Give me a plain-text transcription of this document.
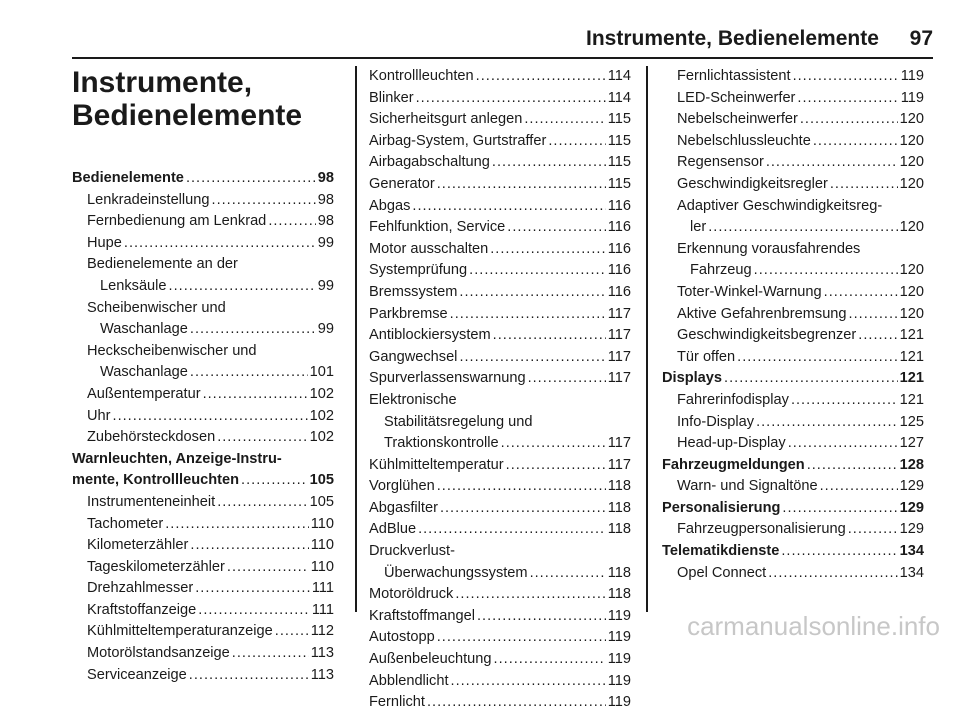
Instrumente, Bedienelemente 97
Instrumente,
Bedienelemente
Bedienelemente .....	98
Lenkradeinstellung .....	98
Fernbedienung am Lenkrad .....	98
Hupe .....	99
Bedienelemente an der
Lenksäule .....	99
Scheibenwischer und
Waschanlage .....	99
Heckscheibenwischer und
Waschanlage .....	101
Außentemperatur .....	102
Uhr .....	102
Zubehörsteckdosen .....	102
Warnleuchten, Anzeige-Instru-
mente, Kontrollleuchten .....	105
Instrumenteneinheit .....	105
Tachometer .....	110
Kilometerzähler .....	110
Tageskilometerzähler .....	110
Drehzahlmesser .....	111
Kraftstoffanzeige .....	111
Kühlmitteltemperaturanzeige .....	112
Motorölstandsanzeige .....	113
Serviceanzeige .....	113
Kontrollleuchten .....	114
Blinker .....	114
Sicherheitsgurt anlegen .....	115
Airbag-System, Gurtstraffer .....	115
Airbagabschaltung .....	115
Generator .....	115
Abgas .....	116
Fehlfunktion, Service .....	116
Motor ausschalten .....	116
Systemprüfung .....	116
Bremssystem .....	116
Parkbremse .....	117
Antiblockiersystem .....	117
Gangwechsel .....	117
Spurverlassenswarnung .....	117
Elektronische
Stabilitätsregelung und
Traktionskontrolle .....	117
Kühlmitteltemperatur .....	117
Vorglühen .....	118
Abgasfilter .....	118
AdBlue .....	118
Druckverlust-
Überwachungssystem .....	118
Motoröldruck .....	118
Kraftstoffmangel .....	119
Autostopp .....	119
Außenbeleuchtung .....	119
Abblendlicht .....	119
Fernlicht .....	119
Fernlichtassistent .....	119
LED-Scheinwerfer .....	119
Nebelscheinwerfer .....	120
Nebelschlussleuchte .....	120
Regensensor .....	120
Geschwindigkeitsregler .....	120
Adaptiver Geschwindigkeitsreg-
ler .....	120
Erkennung vorausfahrendes
Fahrzeug .....	120
Toter-Winkel-Warnung .....	120
Aktive Gefahrenbremsung .....	120
Geschwindigkeitsbegrenzer .....	121
Tür offen .....	121
Displays .....	121
Fahrerinfodisplay .....	121
Info-Display .....	125
Head-up-Display .....	127
Fahrzeugmeldungen .....	128
Warn- und Signaltöne .....	129
Personalisierung .....	129
Fahrzeugpersonalisierung .....	129
Telematikdienste .....	134
Opel Connect .....	134
carmanualsonline.info
